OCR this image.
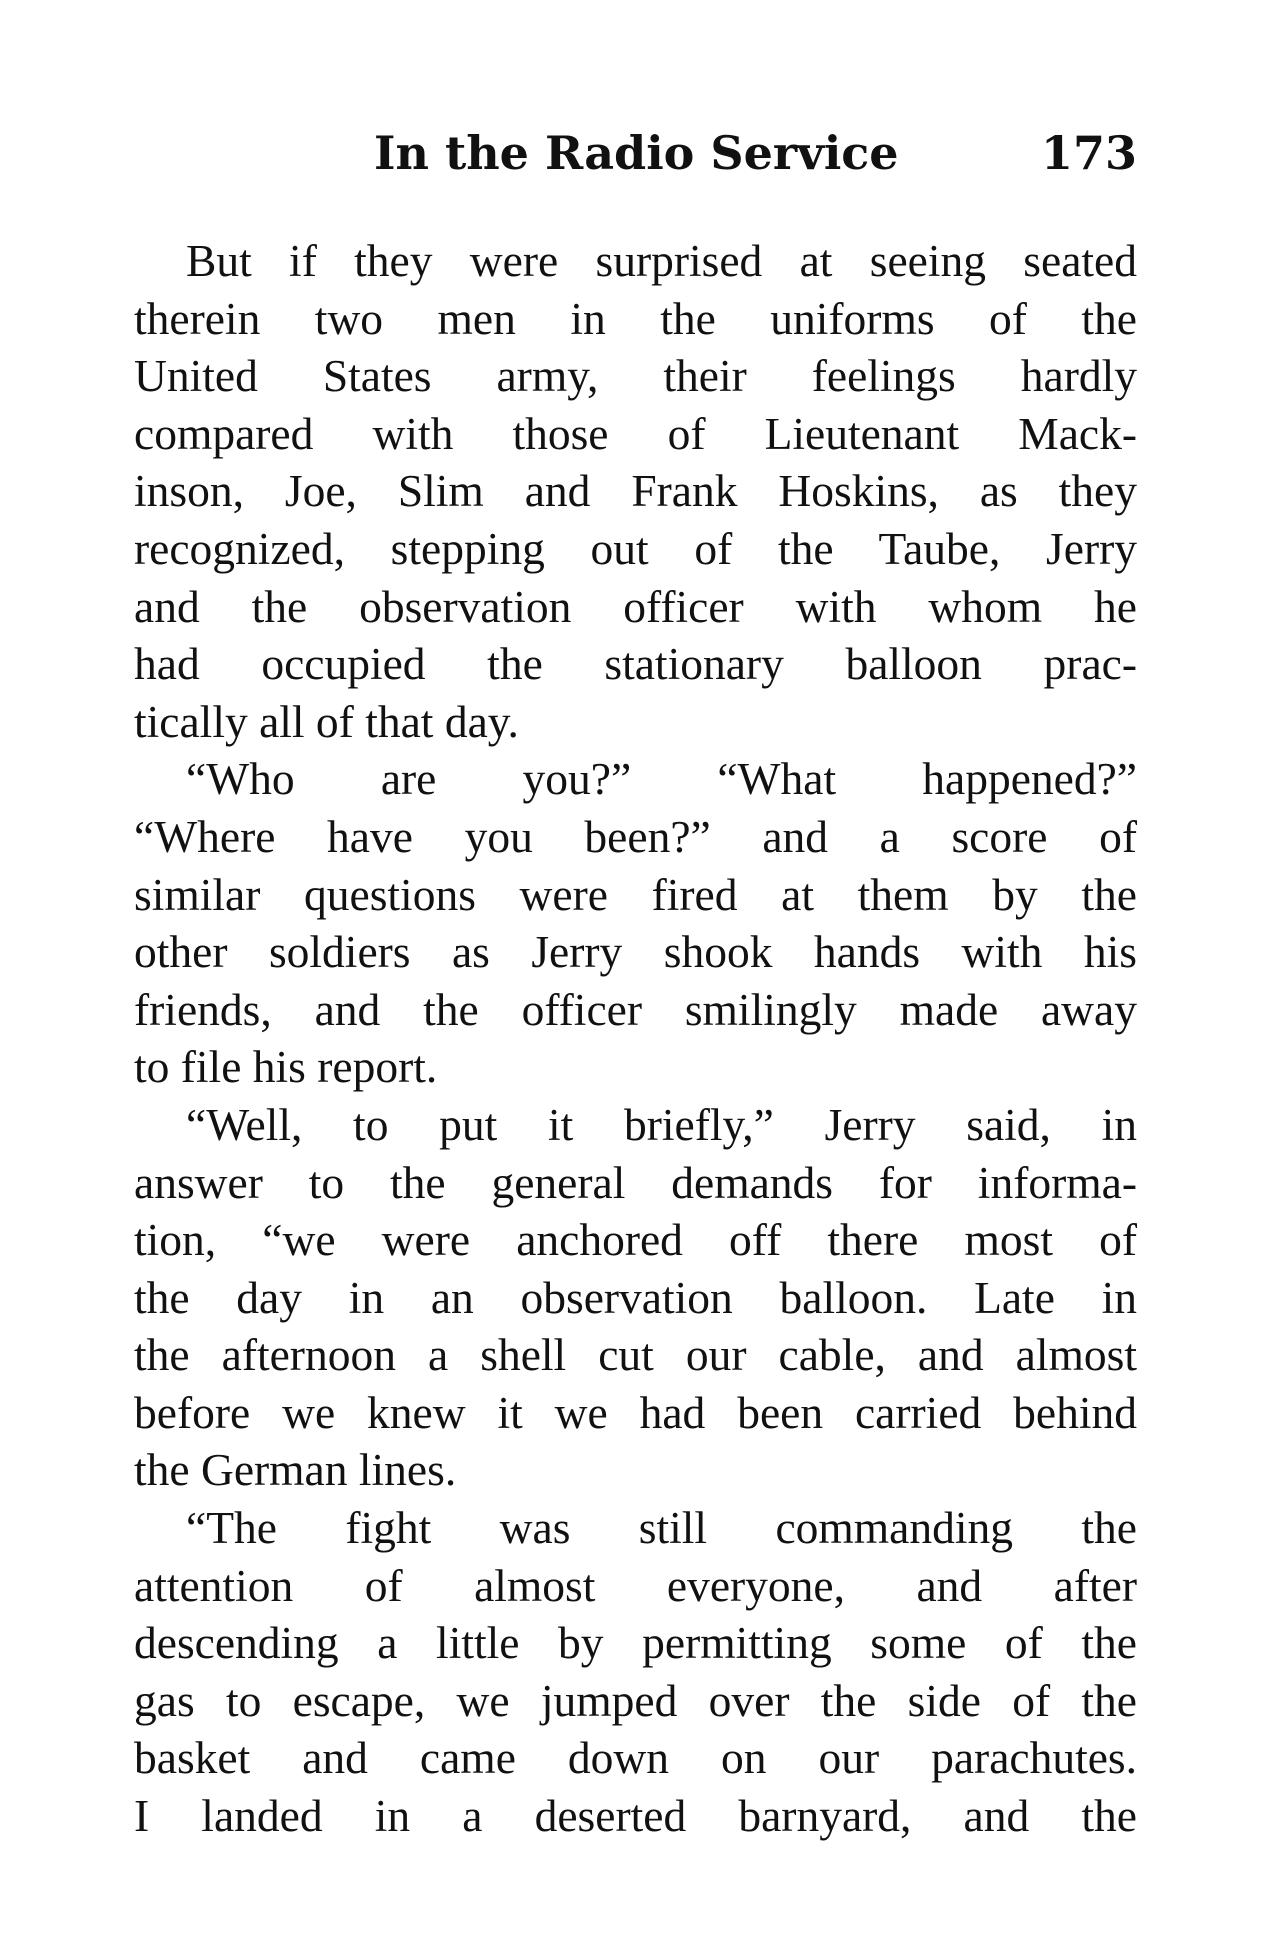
In the Radio Service	173
But if they were surprised at seeing seated
therein two men in the uniforms of the
United States army, their feelings hardly
compared with those of Lieutenant Mack-
inson, Joe, Slim and Frank Hoskins, as they
recognized, stepping out of the Taube, Jerry
and the observation officer with whom he
had occupied the stationary balloon prac-
tically all of that day.
“Who are you?” “What happened?”
“Where have you been?” and a score of
similar questions were fired at them by the
other soldiers as Jerry shook hands with his
friends, and the officer smilingly made away
to file his report.
“Well, to put it briefly,” Jerry said, in
answer to the general demands for informa-
tion, “we were anchored off there most of
the day in an observation balloon. Late in
the afternoon a shell cut our cable, and almost
before we knew it we had been carried behind
the German lines.
“The fight was still commanding the
attention of almost everyone, and after
descending a little by permitting some of the
gas to escape, we jumped over the side of the
basket and came down on our parachutes.
I landed in a deserted barnyard, and the
